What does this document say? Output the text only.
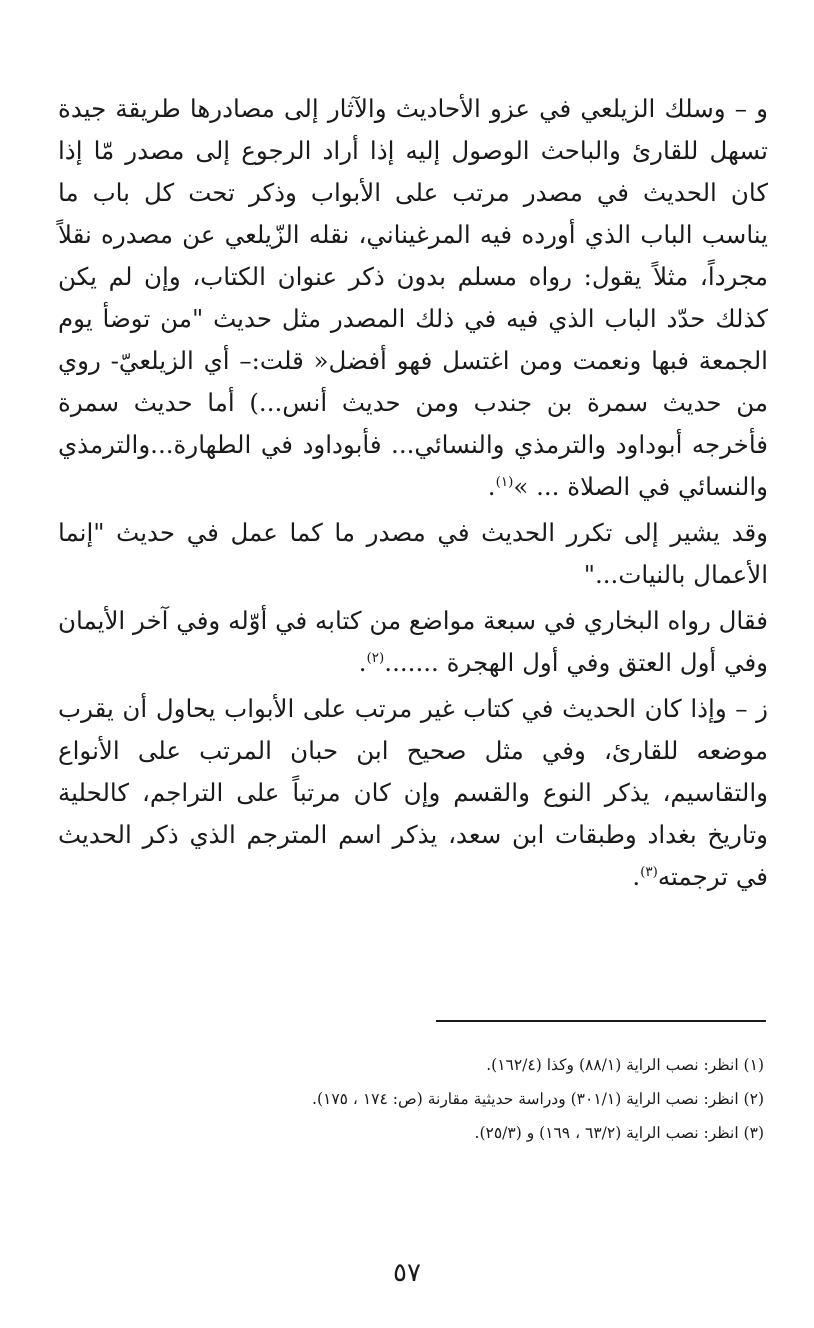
و – وسلك الزيلعي في عزو الأحاديث والآثار إلى مصادرها طريقة جيدة تسهل للقارئ والباحث الوصول إليه إذا أراد الرجوع إلى مصدر مّا إذا كان الحديث في مصدر مرتب على الأبواب وذكر تحت كل باب ما يناسب الباب الذي أورده فيه المرغيناني، نقله الزّيلعي عن مصدره نقلاً مجرداً، مثلاً يقول: رواه مسلم بدون ذكر عنوان الكتاب، وإن لم يكن كذلك حدّد الباب الذي فيه في ذلك المصدر مثل حديث "من توضأ يوم الجمعة فبها ونعمت ومن اغتسل فهو أفضل« قلت:– أي الزيلعيّ- روي من حديث سمرة بن جندب ومن حديث أنس...) أما حديث سمرة فأخرجه أبوداود والترمذي والنسائي... فأبوداود في الطهارة...والترمذي والنسائي في الصلاة ... »$^{(١)}$.

وقد يشير إلى تكرر الحديث في مصدر ما كما عمل في حديث "إنما الأعمال بالنيات..."

فقال رواه البخاري في سبعة مواضع من كتابه في أوّله وفي آخر الأيمان وفي أول العتق وفي أول الهجرة .......$^{(٢)}$.

ز – وإذا كان الحديث في كتاب غير مرتب على الأبواب يحاول أن يقرب موضعه للقارئ، وفي مثل صحيح ابن حبان المرتب على الأنواع والتقاسيم، يذكر النوع والقسم وإن كان مرتباً على التراجم، كالحلية وتاريخ بغداد وطبقات ابن سعد، يذكر اسم المترجم الذي ذكر الحديث في ترجمته$^{(٣)}$.

(١) انظر: نصب الراية (٨٨/١) وكذا (١٦٢/٤).

(٢) انظر: نصب الراية (٣٠١/١) ودراسة حديثية مقارنة (ص: ١٧٤ ، ١٧٥).

(٣) انظر: نصب الراية (٦٣/٢ ، ١٦٩) و (٢٥/٣).

٥٧
